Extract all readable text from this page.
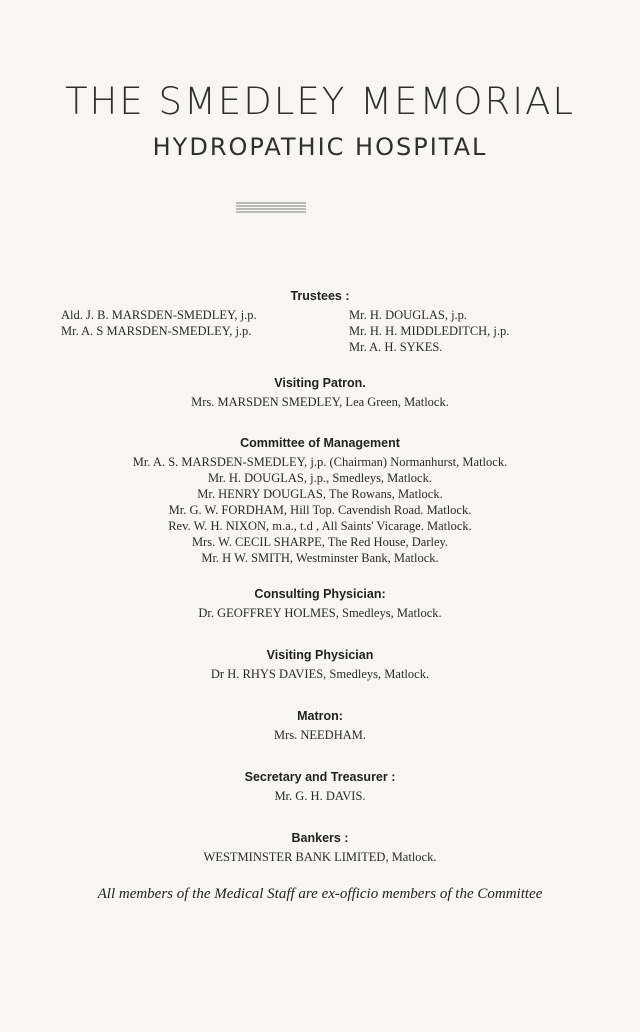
THE SMEDLEY MEMORIAL
HYDROPATHIC HOSPITAL
Trustees :
Ald. J. B. MARSDEN-SMEDLEY, j.p.
Mr. A. S MARSDEN-SMEDLEY, j.p.
Mr. H. DOUGLAS, j.p.
Mr. H. H. MIDDLEDITCH, j.p.
Mr. A. H. SYKES.
Visiting Patron.
Mrs. MARSDEN SMEDLEY, Lea Green, Matlock.
Committee of Management
Mr. A. S. MARSDEN-SMEDLEY, j.p. (Chairman) Normanhurst, Matlock.
Mr. H. DOUGLAS, j.p., Smedleys, Matlock.
Mr. HENRY DOUGLAS, The Rowans, Matlock.
Mr. G. W. FORDHAM, Hill Top. Cavendish Road. Matlock.
Rev. W. H. NIXON, m.a., t.d , All Saints' Vicarage. Matlock.
Mrs. W. CECIL SHARPE, The Red House, Darley.
Mr. H W. SMITH, Westminster Bank, Matlock.
Consulting Physician:
Dr. GEOFFREY HOLMES, Smedleys, Matlock.
Visiting Physician
Dr H. RHYS DAVIES, Smedleys, Matlock.
Matron:
Mrs. NEEDHAM.
Secretary and Treasurer :
Mr. G. H. DAVIS.
Bankers :
WESTMINSTER BANK LIMITED, Matlock.
All members of the Medical Staff are ex-officio members of the Committee
